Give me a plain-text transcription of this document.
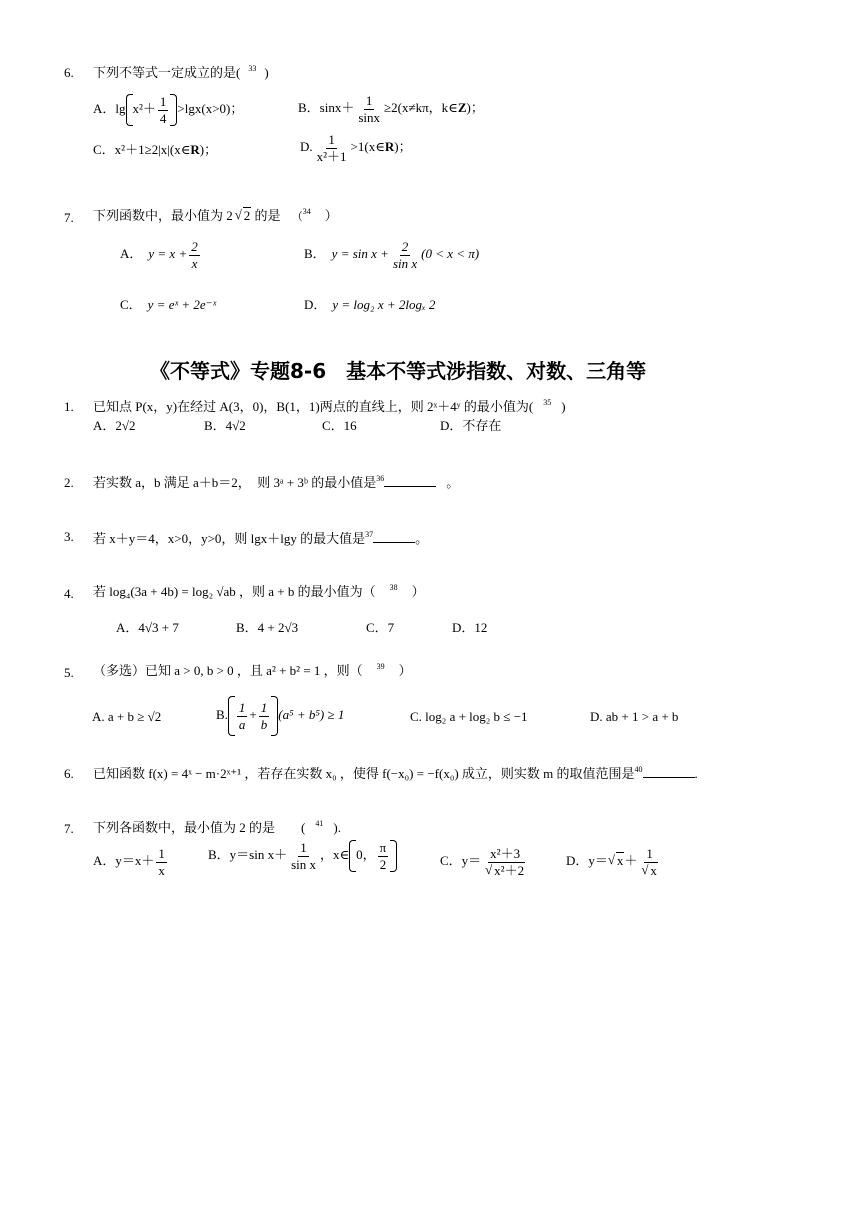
6. 下列不等式一定成立的是( $^{33}$ )
A．$\lg x^2+ \frac{1}{4} >\lg x(x>0)$；	B．$\sin x+ \frac{1}{\sin x} \ge 2(x\ne k\pi$，k∈Z)；
C．x²＋1≥2|x|(x∈R)；	D. $\frac{1}{\text{x²＋1}}$ >1(x∈R)；
7. 下列函数中，最小值为 2 √ 2 的是 （$^{34}$ ）
A． $y = x + \frac{2}{x}$	B． $y = \sin x + \frac{2}{\text{sin x}} (0 < x < \pi)$
C． y = eˣ + 2e⁻ˣ	D． y = log₂ x + 2logₓ 2
《不等式》专题8-6　基本不等式涉指数、对数、三角等
1. 已知点 P(x，y)在经过 A(3，0)，B(1，1)两点的直线上，则 2ˣ＋4ʸ 的最小值为( $^{35}$ )
A．2√2	B．4√2	C．16	D．不存在
2. 若实数 a，b 满足 a＋b＝2，　则 3ᵃ + 3ᵇ 的最小值是$^{36}$	。
3. 若 x＋y＝4，x>0，y>0，则 lgx＋lgy 的最大值是$^{37}$	。
4. 若 log₄(3a + 4b) = log₂ √ab ，则 a + b 的最小值为（ $^{38}$ ）
A．4√3 + 7	B．4 + 2√3	C．7	D．12
5. （多选）已知 a > 0, b > 0 ，且 a² + b² = 1 ，则（ $^{39}$ ）
A. a + b ≥ √2	B. $\frac{1}{a} + \frac{1}{b} (a^5 + b^5) \ge 1$	C. log₂ a + log₂ b ≤ −1	D. ab + 1 > a + b
6. 已知函数 f(x) = 4ˣ − m·2ˣ⁺¹ ，若存在实数 x₀ ，使得 f(−x₀) = −f(x₀) 成立，则实数 m 的取值范围是$^{40}$	.
7. 下列各函数中，最小值为 2 的是 ( $^{41}$ ).
A．$y=x+ \frac{1}{x}$	B．y＝sin $x+ \frac{1}{\text{sin x}}$ ，x∈ 0， $\frac{\pi}{2}$	C．y＝ x²＋3
√ x²＋2	D．y＝ √ x＋ 1
√ x
